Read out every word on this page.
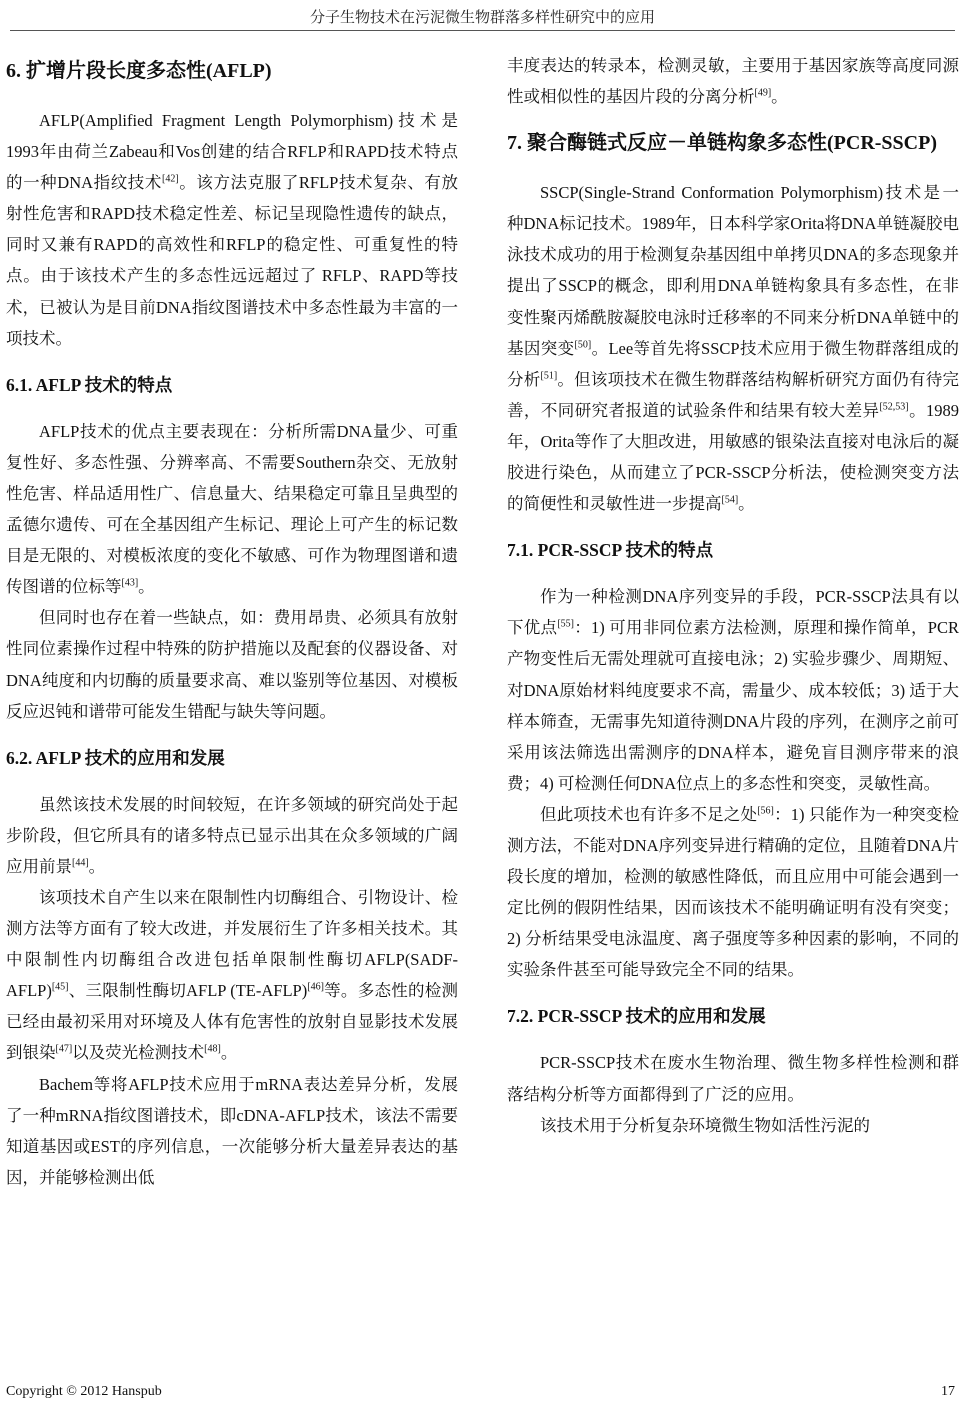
分子生物技术在污泥微生物群落多样性研究中的应用
6. 扩增片段长度多态性(AFLP)

AFLP(Amplified Fragment Length Polymorphism)技术是1993年由荷兰Zabeau和Vos创建的结合RFLP和RAPD技术特点的一种DNA指纹技术[42]。该方法克服了RFLP技术复杂、有放射性危害和RAPD技术稳定性差、标记呈现隐性遗传的缺点，同时又兼有RAPD的高效性和RFLP的稳定性、可重复性的特点。由于该技术产生的多态性远远超过了 RFLP、RAPD等技术，已被认为是目前DNA指纹图谱技术中多态性最为丰富的一项技术。

6.1. AFLP 技术的特点

AFLP技术的优点主要表现在：分析所需DNA量少、可重复性好、多态性强、分辨率高、不需要Southern杂交、无放射性危害、样品适用性广、信息量大、结果稳定可靠且呈典型的孟德尔遗传、可在全基因组产生标记、理论上可产生的标记数目是无限的、对模板浓度的变化不敏感、可作为物理图谱和遗传图谱的位标等[43]。

但同时也存在着一些缺点，如：费用昂贵、必须具有放射性同位素操作过程中特殊的防护措施以及配套的仪器设备、对DNA纯度和内切酶的质量要求高、难以鉴别等位基因、对模板反应迟钝和谱带可能发生错配与缺失等问题。

6.2. AFLP 技术的应用和发展

虽然该技术发展的时间较短，在许多领域的研究尚处于起步阶段，但它所具有的诸多特点已显示出其在众多领域的广阔应用前景[44]。

该项技术自产生以来在限制性内切酶组合、引物设计、检测方法等方面有了较大改进，并发展衍生了许多相关技术。其中限制性内切酶组合改进包括单限制性酶切AFLP(SADF-AFLP)[45]、三限制性酶切AFLP (TE-AFLP)[46]等。多态性的检测已经由最初采用对环境及人体有危害性的放射自显影技术发展到银染[47]以及荧光检测技术[48]。

Bachem等将AFLP技术应用于mRNA表达差异分析，发展了一种mRNA指纹图谱技术，即cDNA-AFLP技术，该法不需要知道基因或EST的序列信息，一次能够分析大量差异表达的基因，并能够检测出低

丰度表达的转录本，检测灵敏，主要用于基因家族等高度同源性或相似性的基因片段的分离分析[49]。

7. 聚合酶链式反应－单链构象多态性(PCR-SSCP)

SSCP(Single-Strand Conformation Polymorphism)技术是一种DNA标记技术。1989年，日本科学家Orita将DNA单链凝胶电泳技术成功的用于检测复杂基因组中单拷贝DNA的多态现象并提出了SSCP的概念，即利用DNA单链构象具有多态性，在非变性聚丙烯酰胺凝胶电泳时迁移率的不同来分析DNA单链中的基因突变[50]。Lee等首先将SSCP技术应用于微生物群落组成的分析[51]。但该项技术在微生物群落结构解析研究方面仍有待完善，不同研究者报道的试验条件和结果有较大差异[52,53]。1989年，Orita等作了大胆改进，用敏感的银染法直接对电泳后的凝胶进行染色，从而建立了PCR-SSCP分析法，使检测突变方法的简便性和灵敏性进一步提高[54]。

7.1. PCR-SSCP 技术的特点

作为一种检测DNA序列变异的手段，PCR-SSCP法具有以下优点[55]：1) 可用非同位素方法检测，原理和操作简单，PCR产物变性后无需处理就可直接电泳；2) 实验步骤少、周期短、对DNA原始材料纯度要求不高，需量少、成本较低；3) 适于大样本筛查，无需事先知道待测DNA片段的序列，在测序之前可采用该法筛选出需测序的DNA样本，避免盲目测序带来的浪费；4) 可检测任何DNA位点上的多态性和突变，灵敏性高。

但此项技术也有许多不足之处[56]：1) 只能作为一种突变检测方法，不能对DNA序列变异进行精确的定位，且随着DNA片段长度的增加，检测的敏感性降低，而且应用中可能会遇到一定比例的假阴性结果，因而该技术不能明确证明有没有突变；2) 分析结果受电泳温度、离子强度等多种因素的影响，不同的实验条件甚至可能导致完全不同的结果。

7.2. PCR-SSCP 技术的应用和发展

PCR-SSCP技术在废水生物治理、微生物多样性检测和群落结构分析等方面都得到了广泛的应用。

该技术用于分析复杂环境微生物如活性污泥的

Copyright © 2012 Hanspub	17
